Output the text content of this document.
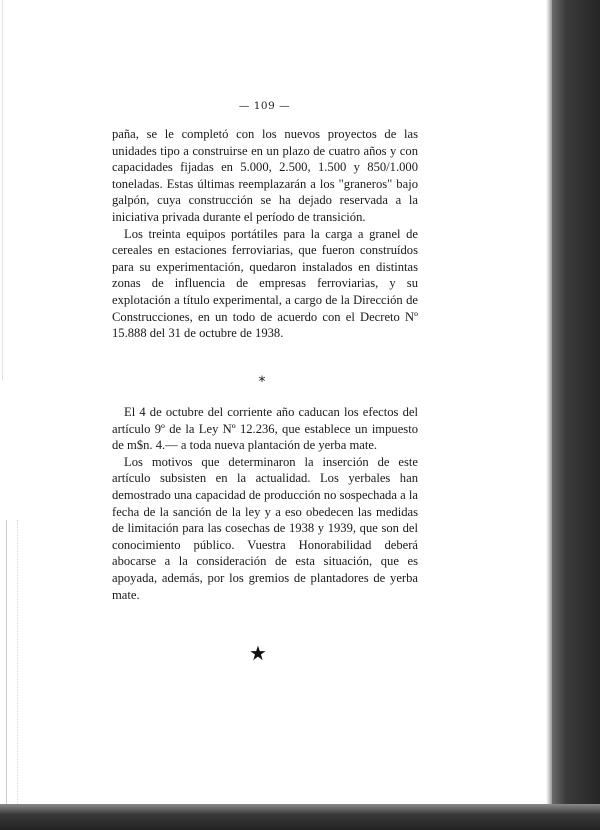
— 109 —

paña, se le completó con los nuevos proyectos de las unidades tipo a construirse en un plazo de cuatro años y con capacidades fijadas en 5.000, 2.500, 1.500 y 850/1.000 toneladas. Estas últimas reemplazarán a los "graneros" bajo galpón, cuya construcción se ha dejado reservada a la iniciativa privada durante el período de transición.

Los treinta equipos portátiles para la carga a granel de cereales en estaciones ferroviarias, que fueron construídos para su experimentación, quedaron instalados en distintas zonas de influencia de empresas ferroviarias, y su explotación a título experimental, a cargo de la Dirección de Construcciones, en un todo de acuerdo con el Decreto Nº 15.888 del 31 de octubre de 1938.

*

El 4 de octubre del corriente año caducan los efectos del artículo 9º de la Ley Nº 12.236, que establece un impuesto de m$n. 4.— a toda nueva plantación de yerba mate.

Los motivos que determinaron la inserción de este artículo subsisten en la actualidad. Los yerbales han demostrado una capacidad de producción no sospechada a la fecha de la sanción de la ley y a eso obedecen las medidas de limitación para las cosechas de 1938 y 1939, que son del conocimiento público. Vuestra Honorabilidad deberá abocarse a la consideración de esta situación, que es apoyada, además, por los gremios de plantadores de yerba mate.

★
